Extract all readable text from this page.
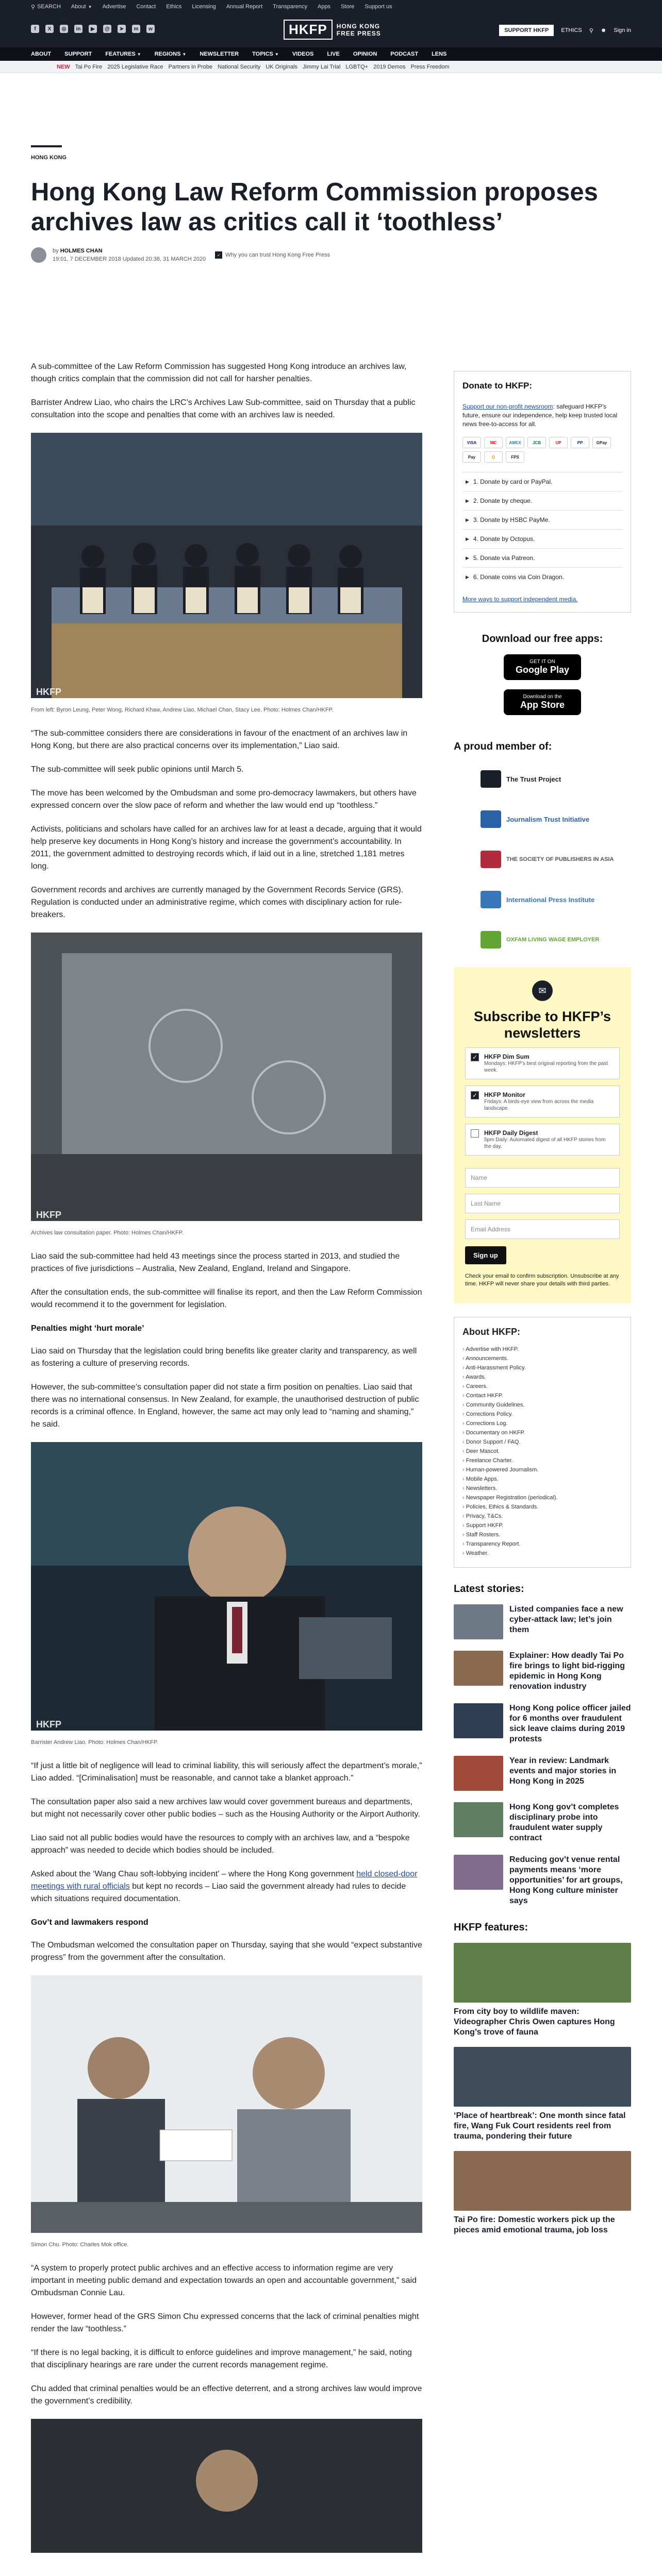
⚲ SEARCH About ▼ Advertise Contact Ethics Licensing Annual Report Transparency Apps Store Support us
f	X	◎	in	▶	@	➤	m	w	HKFP	HONG KONG
FREE PRESS	SUPPORT HKFP	ETHICS ⚲ ☻ Sign in
ABOUT SUPPORT FEATURES ▼ REGIONS ▼ NEWSLETTER TOPICS ▼ VIDEOS LIVE OPINION PODCAST LENS
NEW Tai Po Fire 2025 Legislative Race Partners in Probe National Security UK Originals Jimmy Lai Trial LGBTQ+ 2019 Demos Press Freedom
HONG KONG
Hong Kong Law Reform Commission proposes archives law as critics call it ‘toothless’
by HOLMES CHAN
19:01, 7 DECEMBER 2018 Updated 20:38, 31 MARCH 2020
✓ Why you can trust Hong Kong Free Press

A sub-committee of the Law Reform Commission has suggested Hong Kong introduce an archives law, though critics complain that the commission did not call for harsher penalties.

Barrister Andrew Liao, who chairs the LRC’s Archives Law Sub-committee, said on Thursday that a public consultation into the scope and penalties that come with an archives law is needed.

HKFP
From left: Byron Leung, Peter Wong, Richard Khaw, Andrew Liao, Michael Chan, Stacy Lee. Photo: Holmes Chan/HKFP.

“The sub-committee considers there are considerations in favour of the enactment of an archives law in Hong Kong, but there are also practical concerns over its implementation,” Liao said.

The sub-committee will seek public opinions until March 5.

The move has been welcomed by the Ombudsman and some pro-democracy lawmakers, but others have expressed concern over the slow pace of reform and whether the law would end up “toothless.”

Activists, politicians and scholars have called for an archives law for at least a decade, arguing that it would help preserve key documents in Hong Kong’s history and increase the government’s accountability. In 2011, the government admitted to destroying records which, if laid out in a line, stretched 1,181 metres long.

Government records and archives are currently managed by the Government Records Service (GRS). Regulation is conducted under an administrative regime, which comes with disciplinary action for rule-breakers.

HKFP
Archives law consultation paper. Photo: Holmes Chan/HKFP.

Liao said the sub-committee had held 43 meetings since the process started in 2013, and studied the practices of five jurisdictions – Australia, New Zealand, England, Ireland and Singapore.

After the consultation ends, the sub-committee will finalise its report, and then the Law Reform Commission would recommend it to the government for legislation.

Penalties might ‘hurt morale’

Liao said on Thursday that the legislation could bring benefits like greater clarity and transparency, as well as fostering a culture of preserving records.

However, the sub-committee’s consultation paper did not state a firm position on penalties. Liao said that there was no international consensus. In New Zealand, for example, the unauthorised destruction of public records is a criminal offence. In England, however, the same act may only lead to “naming and shaming,” he said.

HKFP
Barrister Andrew Liao. Photo: Holmes Chan/HKFP.

“If just a little bit of negligence will lead to criminal liability, this will seriously affect the department’s morale,” Liao added. “[Criminalisation] must be reasonable, and cannot take a blanket approach.”

The consultation paper also said a new archives law would cover government bureaus and departments, but might not necessarily cover other public bodies – such as the Housing Authority or the Airport Authority.

Liao said not all public bodies would have the resources to comply with an archives law, and a “bespoke approach” was needed to decide which bodies should be included.

Asked about the ‘Wang Chau soft-lobbying incident’ – where the Hong Kong government held closed-door meetings with rural officials but kept no records – Liao said the government already had rules to decide which situations required documentation.

Gov’t and lawmakers respond

The Ombudsman welcomed the consultation paper on Thursday, saying that she would “expect substantive progress” from the government after the consultation.

Simon Chu. Photo: Charles Mok office.

“A system to properly protect public archives and an effective access to information regime are very important in meeting public demand and expectation towards an open and accountable government,” said Ombudsman Connie Lau.

However, former head of the GRS Simon Chu expressed concerns that the lack of criminal penalties might render the law “toothless.”

“If there is no legal backing, it is difficult to enforce guidelines and improve management,” he said, noting that disciplinary hearings are rare under the current records management regime.

Chu added that criminal penalties would be an effective deterrent, and a strong archives law would improve the government’s credibility.

Donate to HKFP:
Support our non-profit newsroom: safeguard HKFP’s future, ensure our independence, help keep trusted local news free-to-access for all.
VISA	MC	AMEX	JCB	UP	PP	GPay
Pay	O	FPS
▶ 1. Donate by card or PayPal.
▶ 2. Donate by cheque.
▶ 3. Donate by HSBC PayMe.
▶ 4. Donate by Octopus.
▶ 5. Donate via Patreon.
▶ 6. Donate coins via Coin Dragon.
More ways to support independent media.
Download our free apps:
GET IT ON
Google Play
Download on the
App Store
A proud member of:
The Trust Project
Journalism Trust Initiative
THE SOCIETY OF PUBLISHERS IN ASIA
International Press Institute
OXFAM LIVING WAGE EMPLOYER
✉
Subscribe to HKFP’s newsletters
✓ HKFP Dim Sum
Mondays: HKFP’s best original reporting from the past week.
✓ HKFP Monitor
Fridays: A birds-eye view from across the media landscape.
HKFP Daily Digest
5pm Daily: Automated digest of all HKFP stories from the day.
Name
Last Name
Email Address
Sign up
Check your email to confirm subscription. Unsubscribe at any time. HKFP will never share your details with third parties.
About HKFP:
› Advertise with HKFP.
› Announcements.
› Anti-Harassment Policy.
› Awards.
› Careers.
› Contact HKFP.
› Community Guidelines.
› Corrections Policy.
› Corrections Log.
› Documentary on HKFP.
› Donor Support / FAQ.
› Deer Mascot.
› Freelance Charter.
› Human-powered Journalism.
› Mobile Apps.
› Newsletters.
› Newspaper Registration (periodical).
› Policies, Ethics & Standards.
› Privacy, T&Cs.
› Support HKFP.
› Staff Rosters.
› Transparency Report.
› Weather.
Latest stories:
Listed companies face a new cyber-attack law; let’s join them
Explainer: How deadly Tai Po fire brings to light bid-rigging epidemic in Hong Kong renovation industry
Hong Kong police officer jailed for 6 months over fraudulent sick leave claims during 2019 protests
Year in review: Landmark events and major stories in Hong Kong in 2025
Hong Kong gov’t completes disciplinary probe into fraudulent water supply contract
Reducing gov’t venue rental payments means ‘more opportunities’ for art groups, Hong Kong culture minister says
HKFP features:
From city boy to wildlife maven: Videographer Chris Owen captures Hong Kong’s trove of fauna
‘Place of heartbreak’: One month since fatal fire, Wang Fuk Court residents reel from trauma, pondering their future
Tai Po fire: Domestic workers pick up the pieces amid emotional trauma, job loss
